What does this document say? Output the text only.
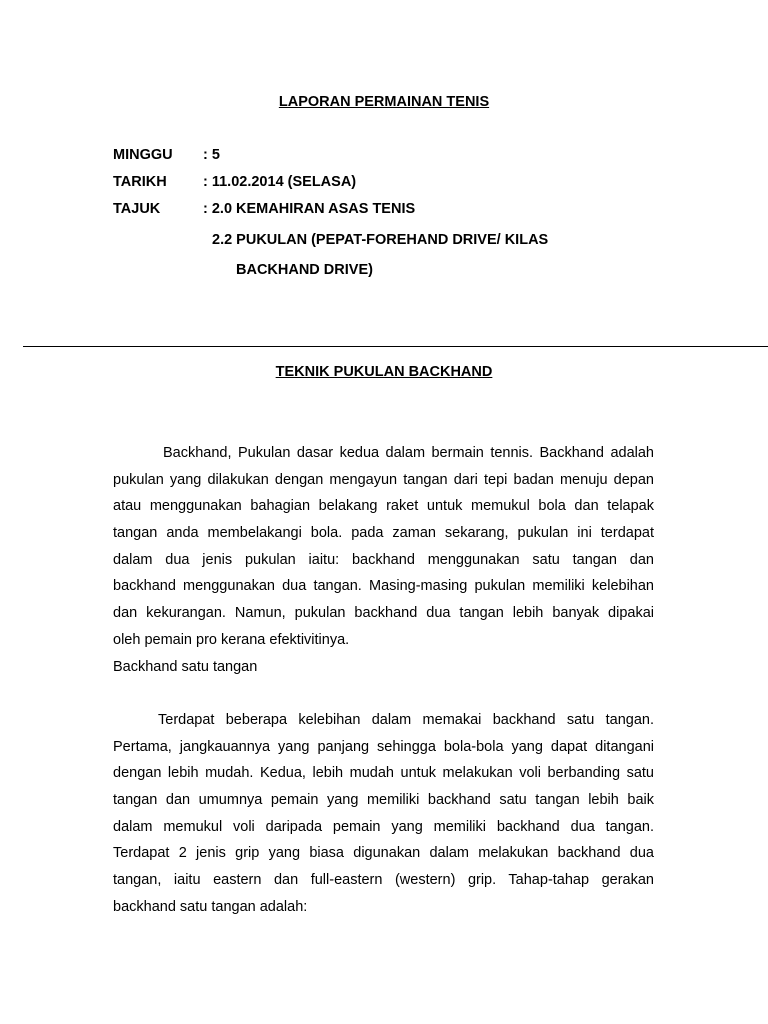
LAPORAN PERMAINAN TENIS
MINGGU : 5
TARIKH	: 11.02.2014 (SELASA)
TAJUK	: 2.0 KEMAHIRAN ASAS TENIS
2.2 PUKULAN (PEPAT-FOREHAND DRIVE/ KILAS
BACKHAND DRIVE)
TEKNIK PUKULAN BACKHAND
Backhand, Pukulan dasar kedua dalam bermain tennis. Backhand adalah
pukulan yang dilakukan dengan mengayun tangan dari tepi badan menuju depan
atau menggunakan bahagian belakang raket untuk memukul bola dan telapak
tangan anda membelakangi bola. pada zaman sekarang, pukulan ini terdapat
dalam dua jenis pukulan iaitu: backhand menggunakan satu tangan dan
backhand menggunakan dua tangan. Masing-masing pukulan memiliki kelebihan
dan kekurangan. Namun, pukulan backhand dua tangan lebih banyak dipakai
oleh pemain pro kerana efektivitinya.
Backhand satu tangan
Terdapat beberapa kelebihan dalam memakai backhand satu tangan.
Pertama, jangkauannya yang panjang sehingga bola-bola yang dapat ditangani
dengan lebih mudah. Kedua, lebih mudah untuk melakukan voli berbanding satu
tangan dan umumnya pemain yang memiliki backhand satu tangan lebih baik
dalam memukul voli daripada pemain yang memiliki backhand dua tangan.
Terdapat 2 jenis grip yang biasa digunakan dalam melakukan backhand dua
tangan, iaitu eastern dan full-eastern (western) grip. Tahap-tahap gerakan
backhand satu tangan adalah:
